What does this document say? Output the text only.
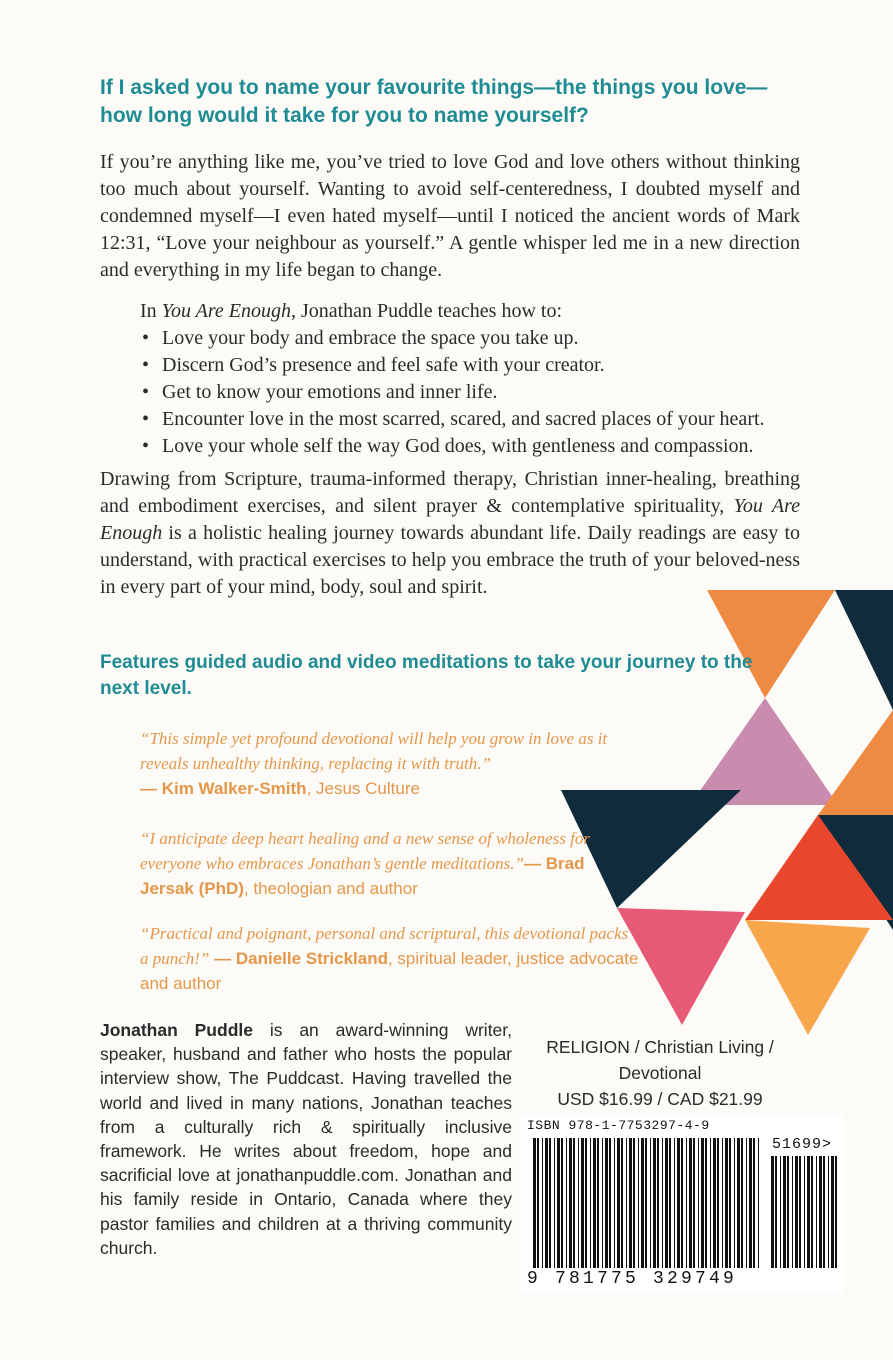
If I asked you to name your favourite things—the things you love—how long would it take for you to name yourself?

If you’re anything like me, you’ve tried to love God and love others without thinking too much about yourself. Wanting to avoid self-centeredness, I doubted myself and condemned myself—I even hated myself—until I noticed the ancient words of Mark 12:31, “Love your neighbour as yourself.” A gentle whisper led me in a new direction and everything in my life began to change.

In You Are Enough, Jonathan Puddle teaches how to:

• Love your body and embrace the space you take up.
• Discern God’s presence and feel safe with your creator.
• Get to know your emotions and inner life.
• Encounter love in the most scarred, scared, and sacred places of your heart.
• Love your whole self the way God does, with gentleness and compassion.

Drawing from Scripture, trauma-informed therapy, Christian inner-healing, breathing and embodiment exercises, and silent prayer & contemplative spirituality, You Are Enough is a holistic healing journey towards abundant life. Daily readings are easy to understand, with practical exercises to help you embrace the truth of your beloved-ness in every part of your mind, body, soul and spirit.

Features guided audio and video meditations to take your journey to the next level.

“This simple yet profound devotional will help you grow in love as it reveals unhealthy thinking, replacing it with truth.”
— Kim Walker-Smith, Jesus Culture

“I anticipate deep heart healing and a new sense of wholeness for everyone who embraces Jonathan’s gentle meditations.”— Brad Jersak (PhD), theologian and author

“Practical and poignant, personal and scriptural, this devotional packs a punch!” — Danielle Strickland, spiritual leader, justice advocate and author

Jonathan Puddle is an award-winning writer, speaker, husband and father who hosts the popular interview show, The Puddcast. Having travelled the world and lived in many nations, Jonathan teaches from a culturally rich & spiritually inclusive framework. He writes about freedom, hope and sacrificial love at jonathanpuddle.com. Jonathan and his family reside in Ontario, Canada where they pastor families and children at a thriving community church.

RELIGION / Christian Living /
Devotional
USD $16.99 / CAD $21.99
ISBN 978-1-7753297-4-9
51699>
9 781775 329749
